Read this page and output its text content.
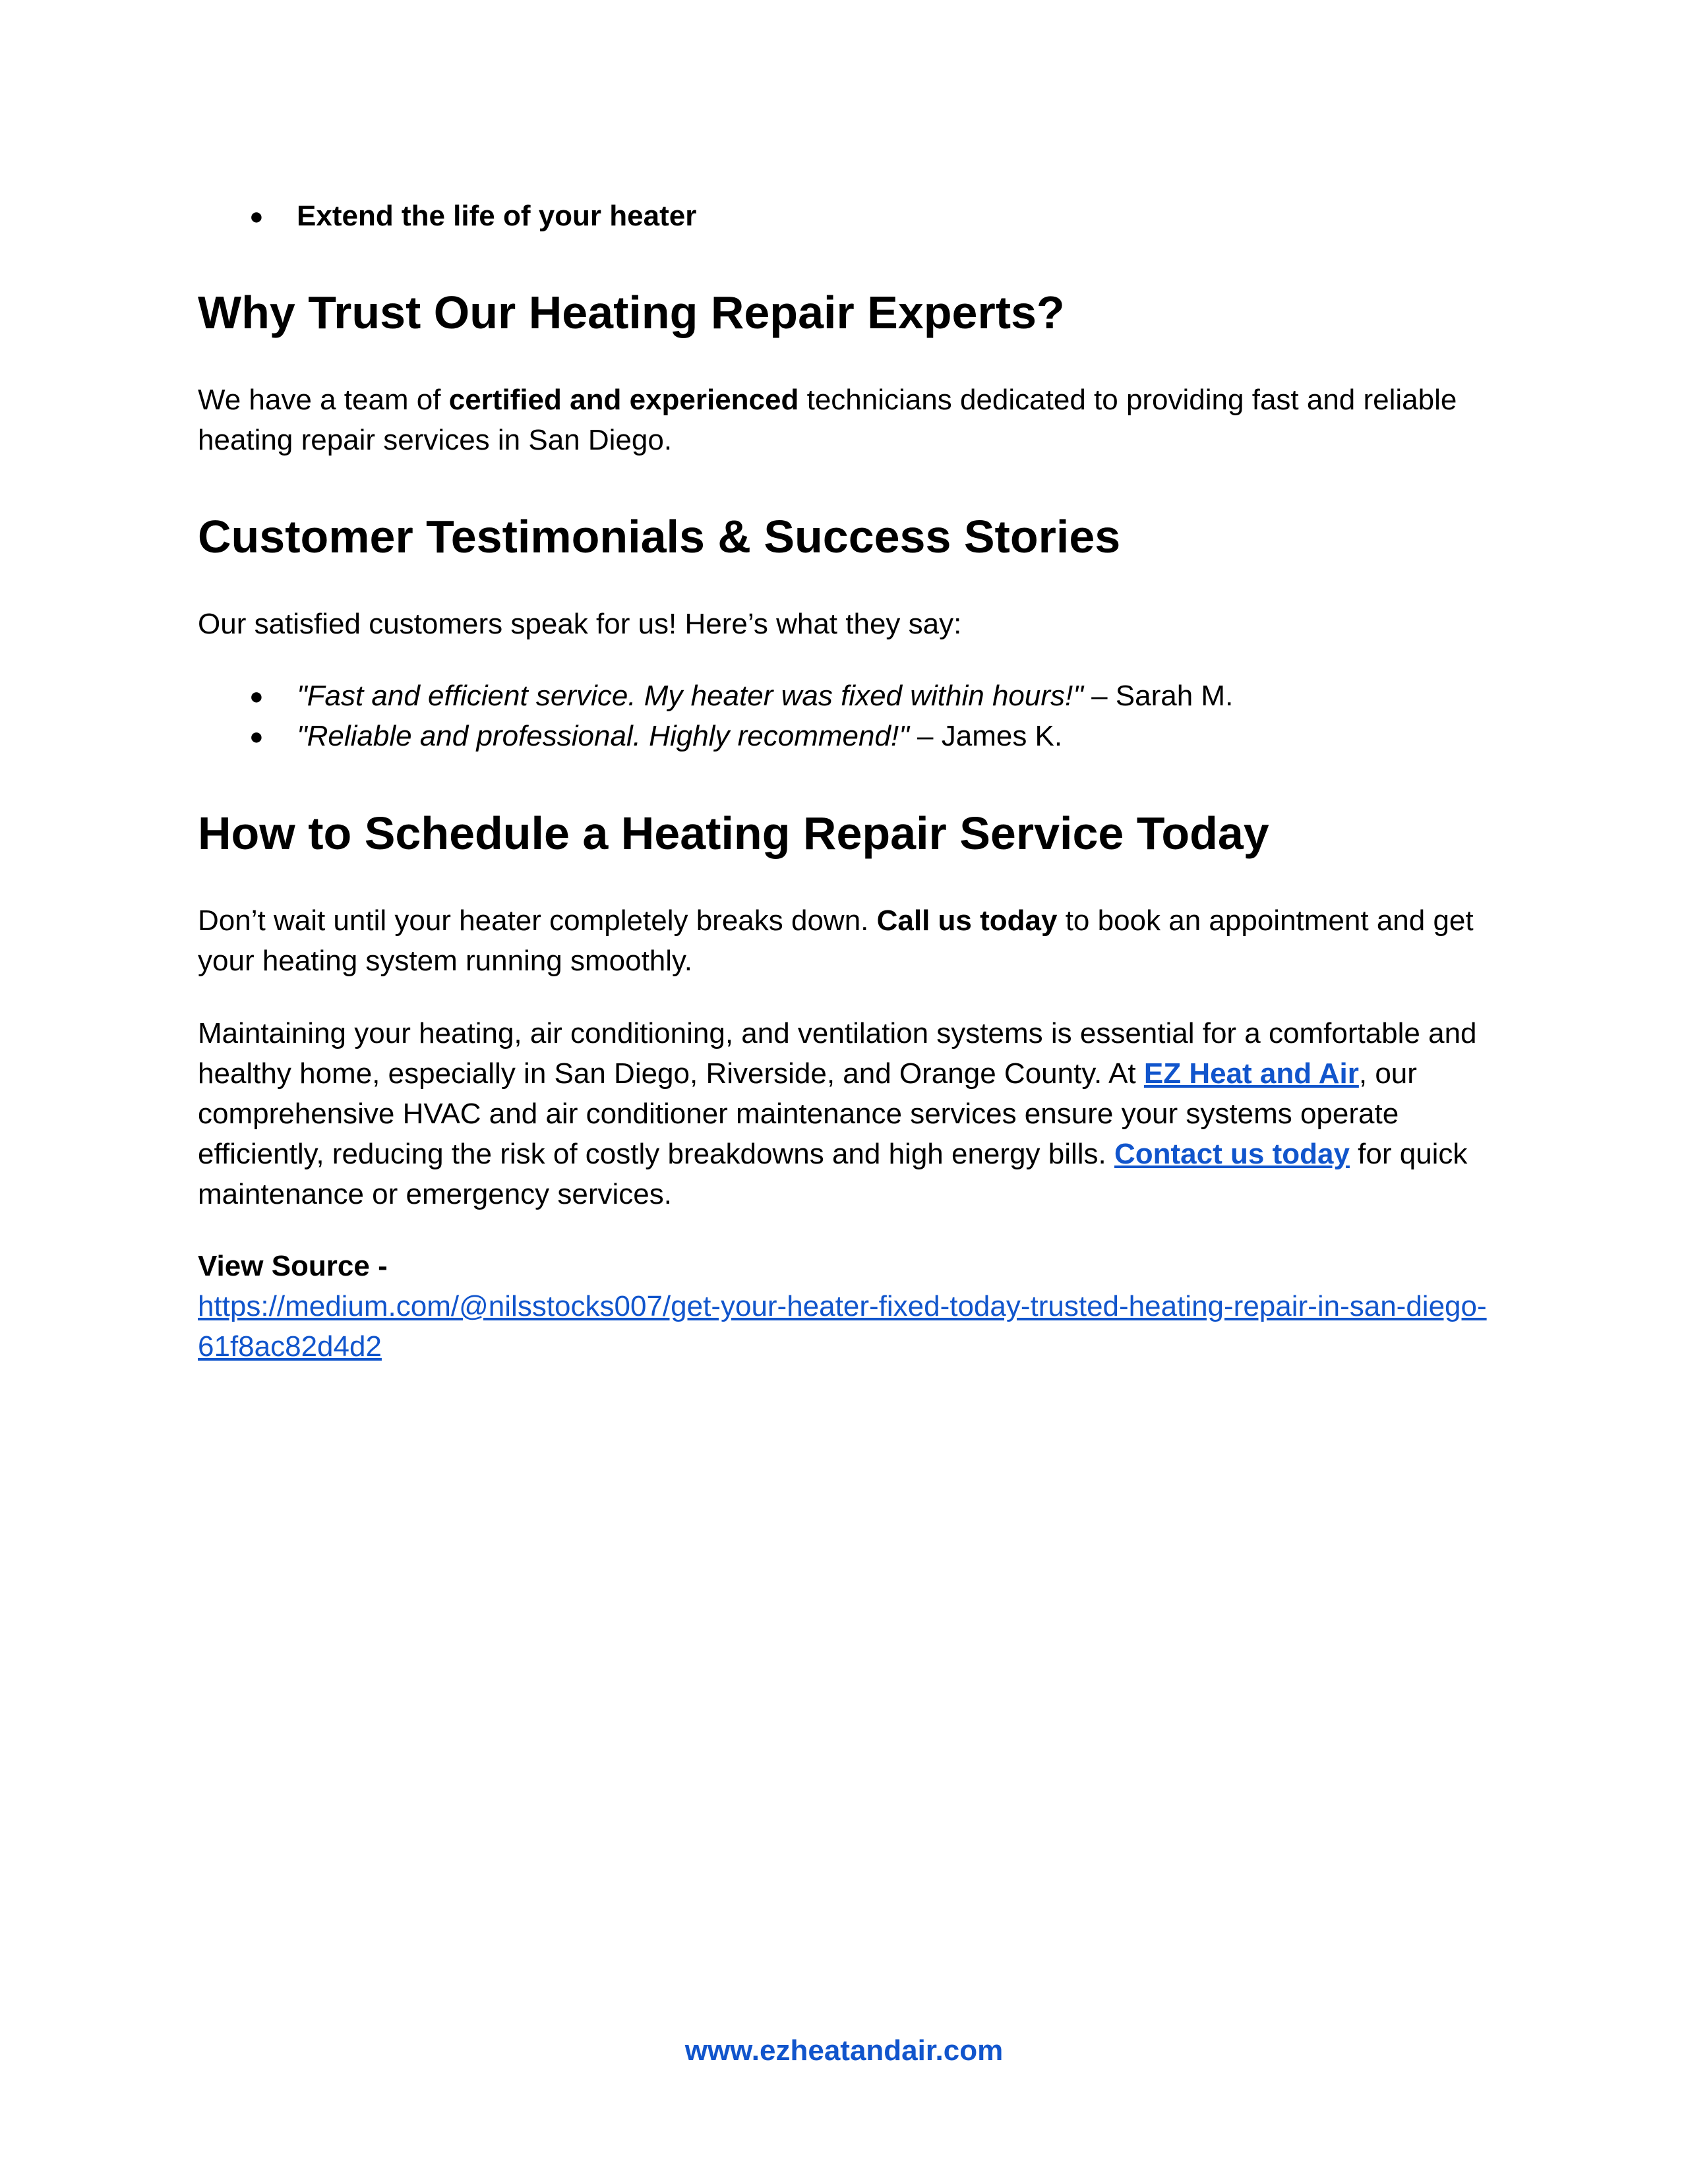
● Extend the life of your heater
Why Trust Our Heating Repair Experts?

We have a team of certified and experienced technicians dedicated to providing fast and reliable heating repair services in San Diego.

Customer Testimonials & Success Stories

Our satisfied customers speak for us! Here’s what they say:

● "Fast and efficient service. My heater was fixed within hours!" – Sarah M.
● "Reliable and professional. Highly recommend!" – James K.
How to Schedule a Heating Repair Service Today

Don’t wait until your heater completely breaks down. Call us today to book an appointment and get your heating system running smoothly.

Maintaining your heating, air conditioning, and ventilation systems is essential for a comfortable and healthy home, especially in San Diego, Riverside, and Orange County. At EZ Heat and Air, our comprehensive HVAC and air conditioner maintenance services ensure your systems operate efficiently, reducing the risk of costly breakdowns and high energy bills. Contact us today for quick maintenance or emergency services.

View Source -
https://medium.com/@nilsstocks007/get-your-heater-fixed-today-trusted-heating-repair-in-san-diego-61f8ac82d4d2

www.ezheatandair.com
